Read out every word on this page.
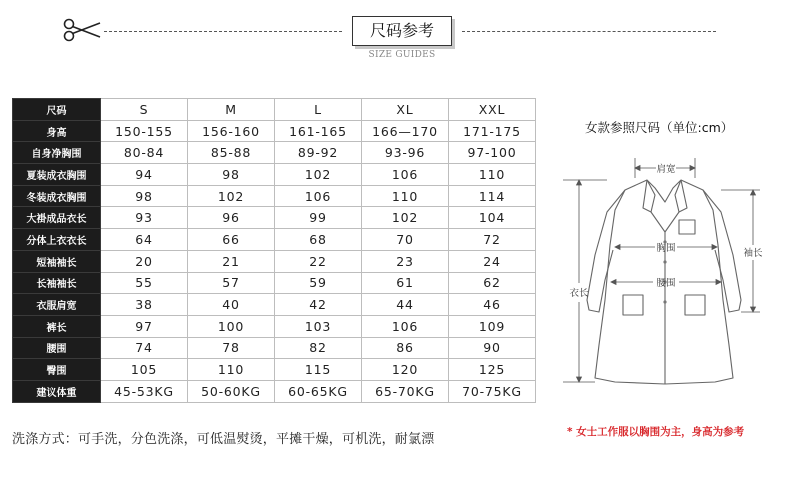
尺码参考
SIZE GUIDES
尺码	S	M	L	XL	XXL
身高	150-155	156-160	161-165	166—170	171-175
自身净胸围	80-84	85-88	89-92	93-96	97-100
夏装成衣胸围	94	98	102	106	110
冬装成衣胸围	98	102	106	110	114
大褂成品衣长	93	96	99	102	104
分体上衣衣长	64	66	68	70	72
短袖袖长	20	21	22	23	24
长袖袖长	55	57	59	61	62
衣服肩宽	38	40	42	44	46
裤长	97	100	103	106	109
腰围	74	78	82	86	90
臀围	105	110	115	120	125
建议体重	45-53KG	50-60KG	60-65KG	65-70KG	70-75KG
洗涤方式：可手洗，分色洗涤，可低温熨烫，平摊干燥，可机洗，耐氯漂
女款参照尺码（单位:cm）
肩宽
胸围
腰围
衣长
袖长
* 女士工作服以胸围为主，身高为参考
